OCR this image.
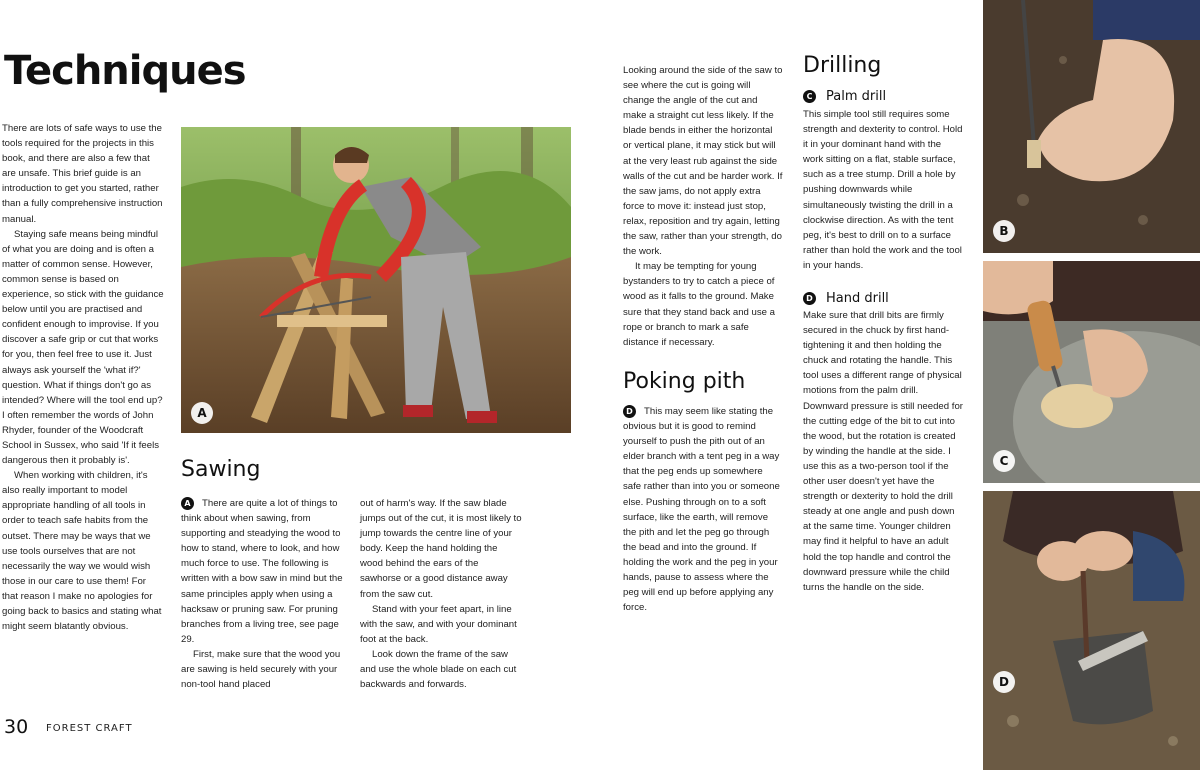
Techniques

There are lots of safe ways to use the tools required for the projects in this book, and there are also a few that are unsafe. This brief guide is an introduction to get you started, rather than a fully comprehensive instruction manual.

Staying safe means being mindful of what you are doing and is often a matter of common sense. However, common sense is based on experience, so stick with the guidance below until you are practised and confident enough to improvise. If you discover a safe grip or cut that works for you, then feel free to use it. Just always ask yourself the 'what if?' question. What if things don't go as intended? Where will the tool end up? I often remember the words of John Rhyder, founder of the Woodcraft School in Sussex, who said 'If it feels dangerous then it probably is'.

When working with children, it's also really important to model appropriate handling of all tools in order to teach safe habits from the outset. There may be ways that we use tools ourselves that are not necessarily the way we would wish those in our care to use them! For that reason I make no apologies for going back to basics and stating what might seem blatantly obvious.

A
Sawing

A There are quite a lot of things to think about when sawing, from supporting and steadying the wood to how to stand, where to look, and how much force to use. The following is written with a bow saw in mind but the same principles apply when using a hacksaw or pruning saw. For pruning branches from a living tree, see page 29.

First, make sure that the wood you are sawing is held securely with your non-tool hand placed

out of harm's way. If the saw blade jumps out of the cut, it is most likely to jump towards the centre line of your body. Keep the hand holding the wood behind the ears of the sawhorse or a good distance away from the saw cut.

Stand with your feet apart, in line with the saw, and with your dominant foot at the back.

Look down the frame of the saw and use the whole blade on each cut backwards and forwards.

Looking around the side of the saw to see where the cut is going will change the angle of the cut and make a straight cut less likely. If the blade bends in either the horizontal or vertical plane, it may stick but will at the very least rub against the side walls of the cut and be harder work. If the saw jams, do not apply extra force to move it: instead just stop, relax, reposition and try again, letting the saw, rather than your strength, do the work.

It may be tempting for young bystanders to try to catch a piece of wood as it falls to the ground. Make sure that they stand back and use a rope or branch to mark a safe distance if necessary.

Poking pith

D This may seem like stating the obvious but it is good to remind yourself to push the pith out of an elder branch with a tent peg in a way that the peg ends up somewhere safe rather than into you or someone else. Pushing through on to a soft surface, like the earth, will remove the pith and let the peg go through the bead and into the ground. If holding the work and the peg in your hands, pause to assess where the peg will end up before applying any force.

Drilling
C Palm drill

This simple tool still requires some strength and dexterity to control. Hold it in your dominant hand with the work sitting on a flat, stable surface, such as a tree stump. Drill a hole by pushing downwards while simultaneously twisting the drill in a clockwise direction. As with the tent peg, it's best to drill on to a surface rather than hold the work and the tool in your hands.

D Hand drill

Make sure that drill bits are firmly secured in the chuck by first hand-tightening it and then holding the chuck and rotating the handle. This tool uses a different range of physical motions from the palm drill. Downward pressure is still needed for the cutting edge of the bit to cut into the wood, but the rotation is created by winding the handle at the side. I use this as a two-person tool if the other user doesn't yet have the strength or dexterity to hold the drill steady at one angle and push down at the same time. Younger children may find it helpful to have an adult hold the top handle and control the downward pressure while the child turns the handle on the side.

B
C
D
30 FOREST CRAFT
